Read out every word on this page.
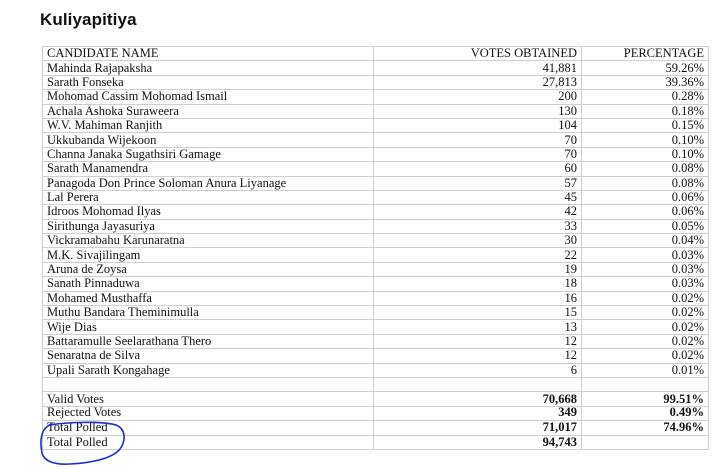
Kuliyapitiya
CANDIDATE NAME	VOTES OBTAINED	PERCENTAGE
Mahinda Rajapaksha	41,881	59.26%
Sarath Fonseka	27,813	39.36%
Mohomad Cassim Mohomad Ismail	200	0.28%
Achala Ashoka Suraweera	130	0.18%
W.V. Mahiman Ranjith	104	0.15%
Ukkubanda Wijekoon	70	0.10%
Channa Janaka Sugathsiri Gamage	70	0.10%
Sarath Manamendra	60	0.08%
Panagoda Don Prince Soloman Anura Liyanage	57	0.08%
Lal Perera	45	0.06%
Idroos Mohomad Ilyas	42	0.06%
Sirithunga Jayasuriya	33	0.05%
Vickramabahu Karunaratna	30	0.04%
M.K. Sivajilingam	22	0.03%
Aruna de Zoysa	19	0.03%
Sanath Pinnaduwa	18	0.03%
Mohamed Musthaffa	16	0.02%
Muthu Bandara Theminimulla	15	0.02%
Wije Dias	13	0.02%
Battaramulle Seelarathana Thero	12	0.02%
Senaratna de Silva	12	0.02%
Upali Sarath Kongahage	6	0.01%

Valid Votes	70,668	99.51%
Rejected Votes	349	0.49%
Total Polled	71,017	74.96%
Total Polled	94,743	
